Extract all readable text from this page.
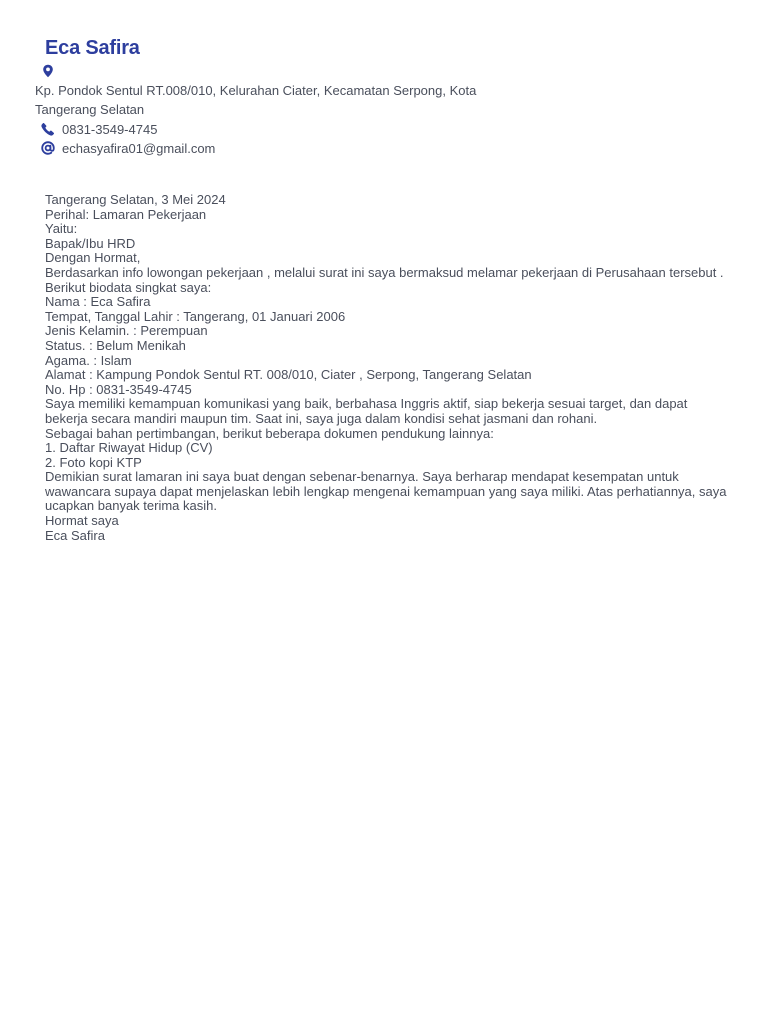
Eca Safira
Kp. Pondok Sentul RT.008/010, Kelurahan Ciater, Kecamatan Serpong, Kota Tangerang Selatan
0831-3549-4745
echasyafira01@gmail.com
Tangerang Selatan, 3 Mei 2024
Perihal: Lamaran Pekerjaan
Yaitu:
Bapak/Ibu HRD
Dengan Hormat,
Berdasarkan info lowongan pekerjaan , melalui surat ini saya bermaksud melamar pekerjaan di Perusahaan tersebut .
Berikut biodata singkat saya:
Nama : Eca Safira
Tempat, Tanggal Lahir : Tangerang, 01 Januari 2006
Jenis Kelamin. : Perempuan
Status. : Belum Menikah
Agama. : Islam
Alamat : Kampung Pondok Sentul RT. 008/010, Ciater , Serpong, Tangerang Selatan
No. Hp : 0831-3549-4745
Saya memiliki kemampuan komunikasi yang baik, berbahasa Inggris aktif, siap bekerja sesuai target, dan dapat bekerja secara mandiri maupun tim. Saat ini, saya juga dalam kondisi sehat jasmani dan rohani.
Sebagai bahan pertimbangan, berikut beberapa dokumen pendukung lainnya:
1. Daftar Riwayat Hidup (CV)
2. Foto kopi KTP
Demikian surat lamaran ini saya buat dengan sebenar-benarnya. Saya berharap mendapat kesempatan untuk wawancara supaya dapat menjelaskan lebih lengkap mengenai kemampuan yang saya miliki. Atas perhatiannya, saya ucapkan banyak terima kasih.
Hormat saya
Eca Safira
